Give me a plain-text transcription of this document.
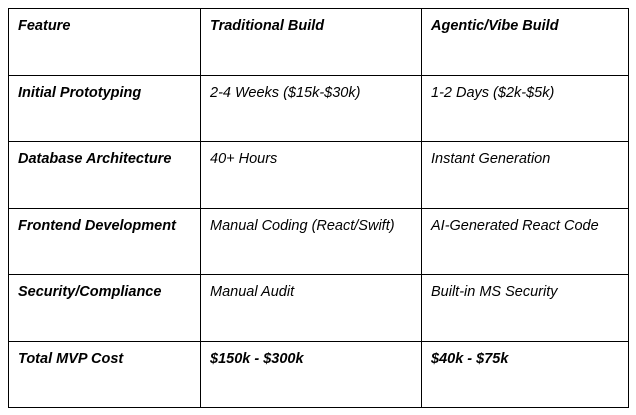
Feature	Traditional Build	Agentic/Vibe Build
Initial Prototyping	2-4 Weeks ($15k-$30k)	1-2 Days ($2k-$5k)
Database Architecture	40+ Hours	Instant Generation
Frontend Development	Manual Coding (React/Swift)	AI-Generated React Code
Security/Compliance	Manual Audit	Built-in MS Security
Total MVP Cost	$150k - $300k	$40k - $75k
